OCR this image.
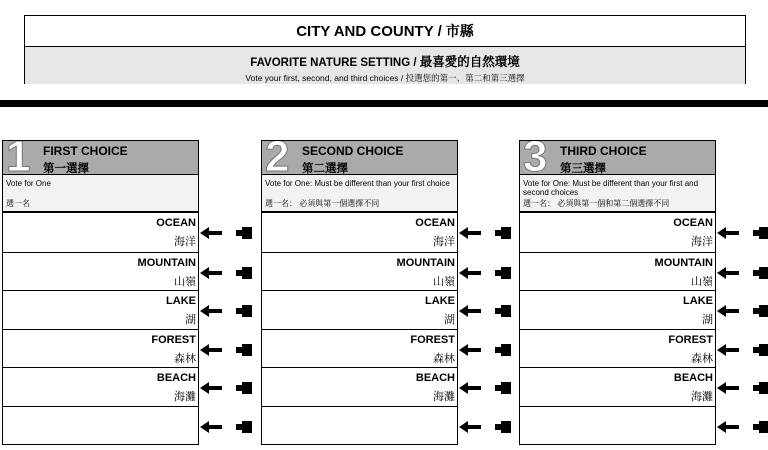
CITY AND COUNTY / 市縣
FAVORITE NATURE SETTING / 最喜愛的自然環境
Vote your first, second, and third choices / 投選您的第一、第二和第三選擇
1 FIRST CHOICE
第一選擇
Vote for One
選一名
OCEAN
海洋
MOUNTAIN
山嶺
LAKE
湖
FOREST
森林
BEACH
海灘
2 SECOND CHOICE
第二選擇
Vote for One: Must be different than your first choice
選一名： 必須與第一個選擇不同
OCEAN
海洋
MOUNTAIN
山嶺
LAKE
湖
FOREST
森林
BEACH
海灘
3 THIRD CHOICE
第三選擇
Vote for One: Must be different than your first and second choices
選一名： 必須與第一個和第二個選擇不同
OCEAN
海洋
MOUNTAIN
山嶺
LAKE
湖
FOREST
森林
BEACH
海灘
